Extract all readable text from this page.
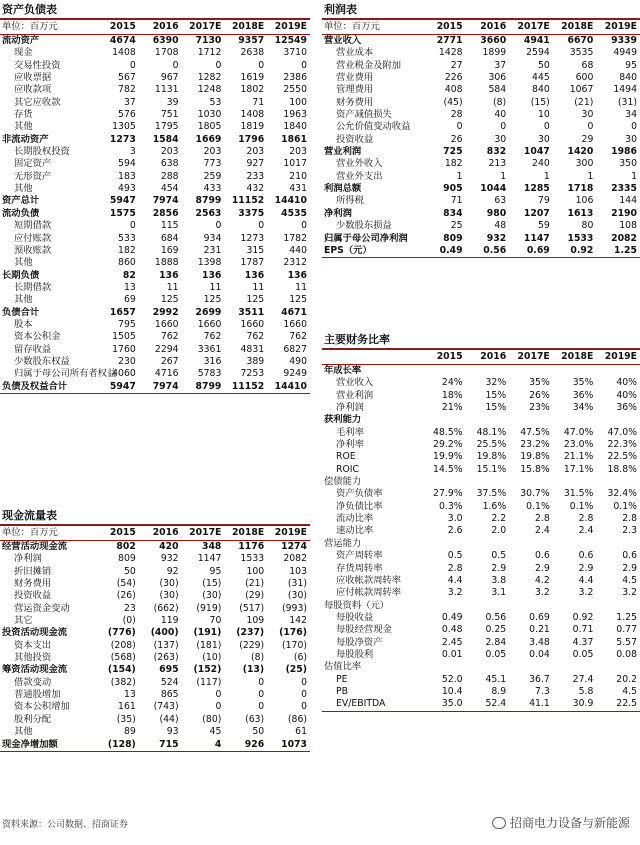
资产负债表
单位：百万元	2015	2016	2017E	2018E	2019E
流动资产	4674	6390	7130	9357	12549
现金	1408	1708	1712	2638	3710
交易性投资	0	0	0	0	0
应收票据	567	967	1282	1619	2386
应收款项	782	1131	1248	1802	2550
其它应收款	37	39	53	71	100
存货	576	751	1030	1408	1963
其他	1305	1795	1805	1819	1840
非流动资产	1273	1584	1669	1796	1861
长期股权投资	3	203	203	203	203
固定资产	594	638	773	927	1017
无形资产	183	288	259	233	210
其他	493	454	433	432	431
资产总计	5947	7974	8799	11152	14410
流动负债	1575	2856	2563	3375	4535
短期借款	0	115	0	0	0
应付账款	533	684	934	1273	1782
预收账款	182	169	231	315	440
其他	860	1888	1398	1787	2312
长期负债	82	136	136	136	136
长期借款	13	11	11	11	11
其他	69	125	125	125	125
负债合计	1657	2992	2699	3511	4671
股本	795	1660	1660	1660	1660
资本公积金	1505	762	762	762	762
留存收益	1760	2294	3361	4831	6827
少数股东权益	230	267	316	389	490
归属于母公司所有者权益	4060	4716	5783	7253	9249
负债及权益合计	5947	7974	8799	11152	14410
现金流量表
单位：百万元	2015	2016	2017E	2018E	2019E
经营活动现金流	802	420	348	1176	1274
净利润	809	932	1147	1533	2082
折旧摊销	50	92	95	100	103
财务费用	(54)	(30)	(15)	(21)	(31)
投资收益	(26)	(30)	(30)	(29)	(30)
营运资金变动	23	(662)	(919)	(517)	(993)
其它	(0)	119	70	109	142
投资活动现金流	(776)	(400)	(191)	(237)	(176)
资本支出	(208)	(137)	(181)	(229)	(170)
其他投资	(568)	(263)	(10)	(8)	(6)
筹资活动现金流	(154)	695	(152)	(13)	(25)
借款变动	(382)	524	(117)	0	0
普通股增加	13	865	0	0	0
资本公积增加	161	(743)	0	0	0
股利分配	(35)	(44)	(80)	(63)	(86)
其他	89	93	45	50	61
现金净增加额	(128)	715	4	926	1073
利润表
单位：百万元	2015	2016	2017E	2018E	2019E
营业收入	2771	3660	4941	6670	9339
营业成本	1428	1899	2594	3535	4949
营业税金及附加	27	37	50	68	95
营业费用	226	306	445	600	840
管理费用	408	584	840	1067	1494
财务费用	(45)	(8)	(15)	(21)	(31)
资产减值损失	28	40	10	30	34
公允价值变动收益	0	0	0	0	0
投资收益	26	30	30	29	30
营业利润	725	832	1047	1420	1986
营业外收入	182	213	240	300	350
营业外支出	1	1	1	1	1
利润总额	905	1044	1285	1718	2335
所得税	71	63	79	106	144
净利润	834	980	1207	1613	2190
少数股东损益	25	48	59	80	108
归属于母公司净利润	809	932	1147	1533	2082
EPS（元）	0.49	0.56	0.69	0.92	1.25
主要财务比率
	2015	2016	2017E	2018E	2019E
年成长率					
营业收入	24%	32%	35%	35%	40%
营业利润	18%	15%	26%	36%	40%
净利润	21%	15%	23%	34%	36%
获利能力					
毛利率	48.5%	48.1%	47.5%	47.0%	47.0%
净利率	29.2%	25.5%	23.2%	23.0%	22.3%
ROE	19.9%	19.8%	19.8%	21.1%	22.5%
ROIC	14.5%	15.1%	15.8%	17.1%	18.8%
偿债能力					
资产负债率	27.9%	37.5%	30.7%	31.5%	32.4%
净负债比率	0.3%	1.6%	0.1%	0.1%	0.1%
流动比率	3.0	2.2	2.8	2.8	2.8
速动比率	2.6	2.0	2.4	2.4	2.3
营运能力					
资产周转率	0.5	0.5	0.6	0.6	0.6
存货周转率	2.8	2.9	2.9	2.9	2.9
应收帐款周转率	4.4	3.8	4.2	4.4	4.5
应付帐款周转率	3.2	3.1	3.2	3.2	3.2
每股资料（元）					
每股收益	0.49	0.56	0.69	0.92	1.25
每股经营现金	0.48	0.25	0.21	0.71	0.77
每股净资产	2.45	2.84	3.48	4.37	5.57
每股股利	0.01	0.05	0.04	0.05	0.08
估值比率					
PE	52.0	45.1	36.7	27.4	20.2
PB	10.4	8.9	7.3	5.8	4.5
EV/EBITDA	35.0	52.4	41.1	30.9	22.5
资料来源：公司数据、招商证券	招商电力设备与新能源
